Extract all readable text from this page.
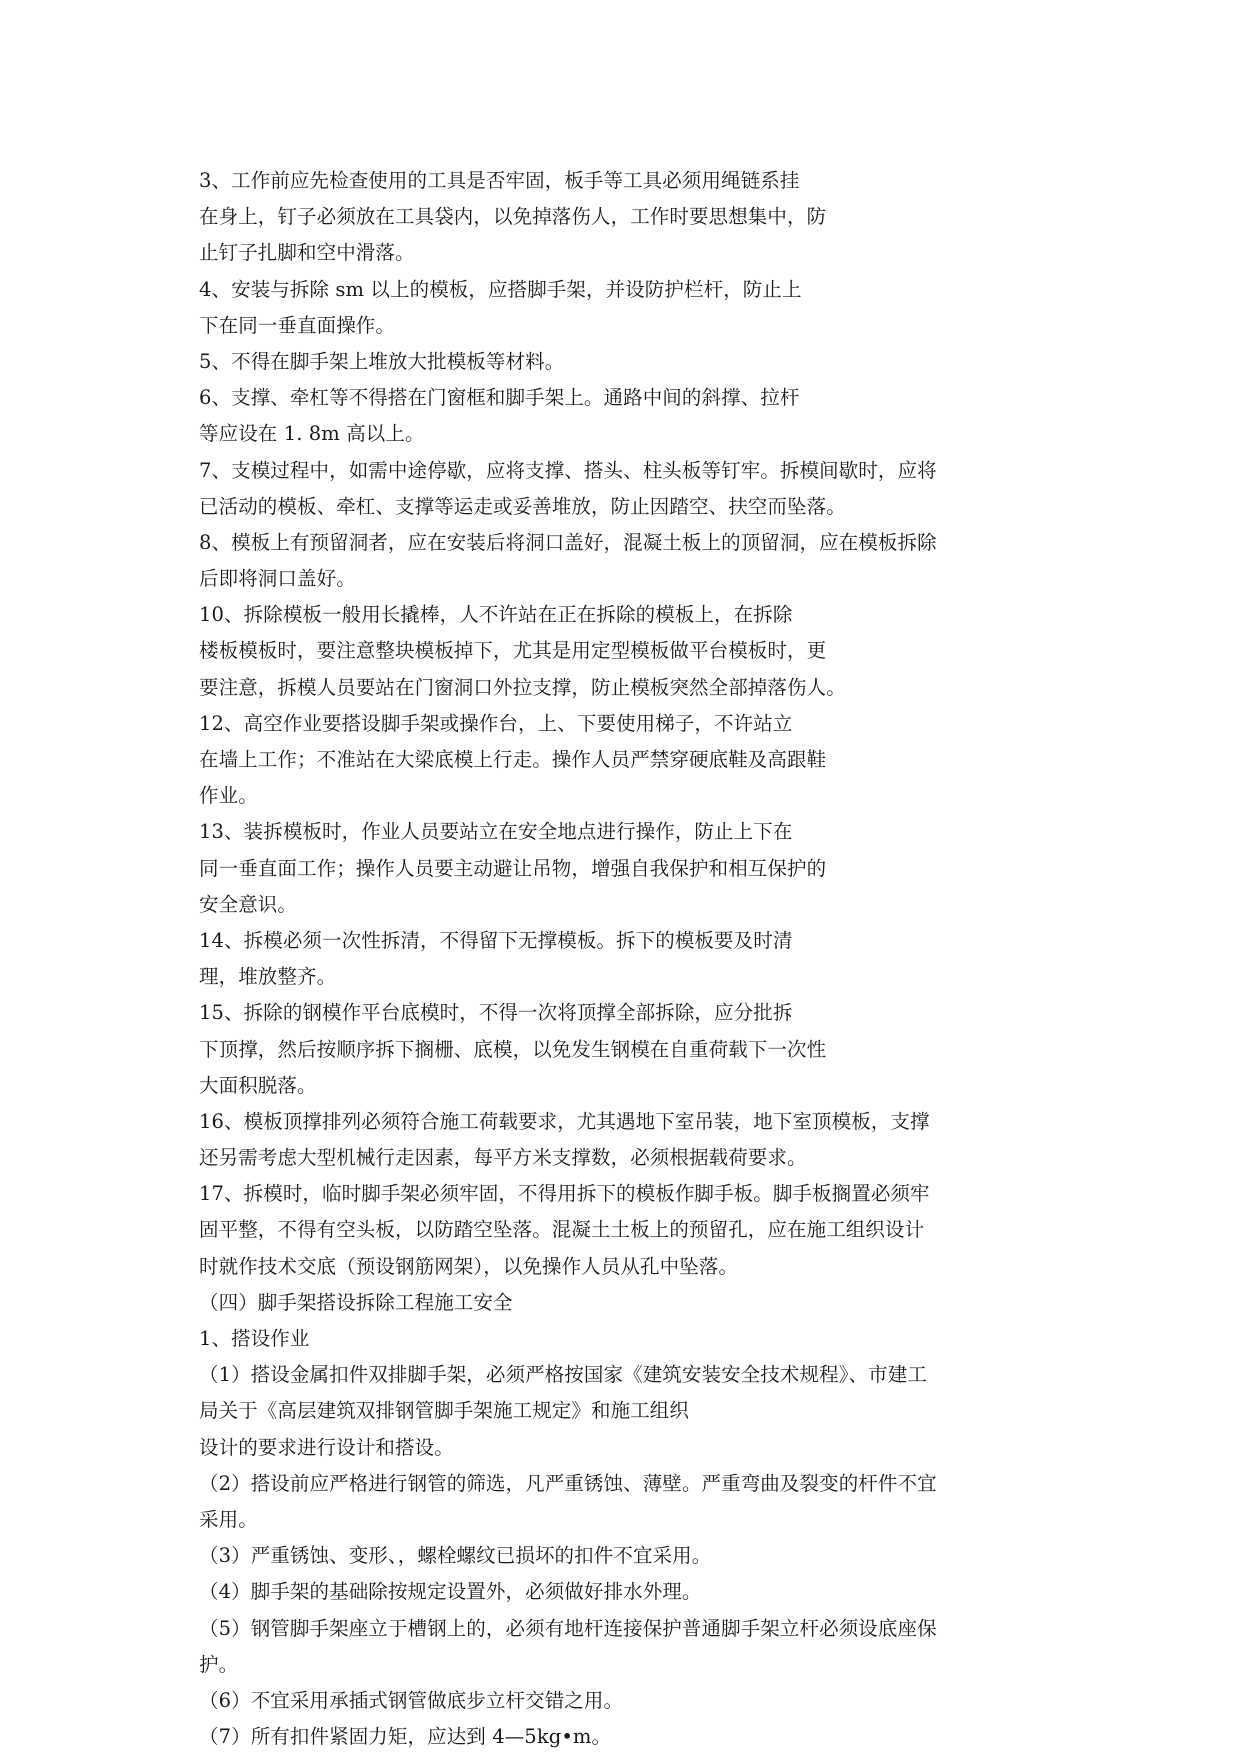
3、工作前应先检查使用的工具是否牢固，板手等工具必须用绳链系挂
在身上，钉子必须放在工具袋内，以免掉落伤人，工作时要思想集中，防
止钉子扎脚和空中滑落。
4、安装与拆除 sm 以上的模板，应搭脚手架，并设防护栏杆，防止上
下在同一垂直面操作。
5、不得在脚手架上堆放大批模板等材料。
6、支撑、牵杠等不得搭在门窗框和脚手架上。通路中间的斜撑、拉杆
等应设在 1. 8m 高以上。
7、支模过程中，如需中途停歇，应将支撑、搭头、柱头板等钉牢。拆模间歇时，应将
已活动的模板、牵杠、支撑等运走或妥善堆放，防止因踏空、扶空而坠落。
8、模板上有预留洞者，应在安装后将洞口盖好，混凝土板上的顶留洞，应在模板拆除
后即将洞口盖好。
10、拆除模板一般用长撬棒，人不许站在正在拆除的模板上，在拆除
楼板模板时，要注意整块模板掉下，尤其是用定型模板做平台模板时，更
要注意，拆模人员要站在门窗洞口外拉支撑，防止模板突然全部掉落伤人。
12、高空作业要搭设脚手架或操作台，上、下要使用梯子，不许站立
在墙上工作；不准站在大梁底模上行走。操作人员严禁穿硬底鞋及高跟鞋
作业。
13、装拆模板时，作业人员要站立在安全地点进行操作，防止上下在
同一垂直面工作；操作人员要主动避让吊物，增强自我保护和相互保护的
安全意识。
14、拆模必须一次性拆清，不得留下无撑模板。拆下的模板要及时清
理，堆放整齐。
15、拆除的钢模作平台底模时，不得一次将顶撑全部拆除，应分批拆
下顶撑，然后按顺序拆下搁栅、底模，以免发生钢模在自重荷载下一次性
大面积脱落。
16、模板顶撑排列必须符合施工荷载要求，尤其遇地下室吊装，地下室顶模板，支撑
还另需考虑大型机械行走因素，每平方米支撑数，必须根据载荷要求。
17、拆模时，临时脚手架必须牢固，不得用拆下的模板作脚手板。脚手板搁置必须牢
固平整，不得有空头板，以防踏空坠落。混凝土土板上的预留孔，应在施工组织设计
时就作技术交底（预设钢筋网架），以免操作人员从孔中坠落。
（四）脚手架搭设拆除工程施工安全
1、搭设作业
（1）搭设金属扣件双排脚手架，必须严格按国家《建筑安装安全技术规程》、市建工
局关于《高层建筑双排钢管脚手架施工规定》和施工组织
设计的要求进行设计和搭设。
（2）搭设前应严格进行钢管的筛选，凡严重锈蚀、薄壁。严重弯曲及裂变的杆件不宜
采用。
（3）严重锈蚀、变形、，螺栓螺纹已损坏的扣件不宜采用。
（4）脚手架的基础除按规定设置外，必须做好排水外理。
（5）钢管脚手架座立于槽钢上的，必须有地杆连接保护普通脚手架立杆必须设底座保
护。
（6）不宜采用承插式钢管做底步立杆交错之用。
（7）所有扣件紧固力矩，应达到 4—5kg•m。
